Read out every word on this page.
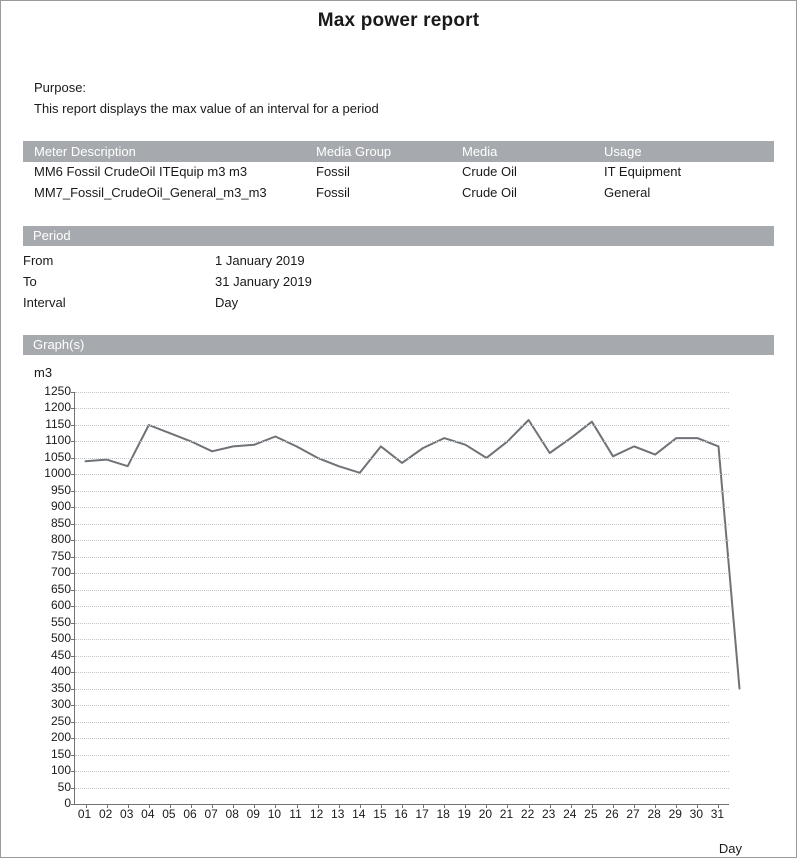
Max power report

Purpose:

This report displays the max value of an interval for a period

Meter Description	Media Group	Media	Usage
MM6 Fossil CrudeOil ITEquip m3 m3	Fossil	Crude Oil	IT Equipment
MM7_Fossil_CrudeOil_General_m3_m3	Fossil	Crude Oil	General
Period
From	1 January 2019
To	31 January 2019
Interval	Day
Graph(s)
m3
0
50
100
150
200
250
300
350
400
450
500
550
600
650
700
750
800
850
900
950
1000
1050
1100
1150
1200
1250
01 02 03 04 05 06 07 08 09 10 11 12 13 14 15 16 17 18 19 20 21 22 23 24 25 26 27 28 29 30 31
Day
